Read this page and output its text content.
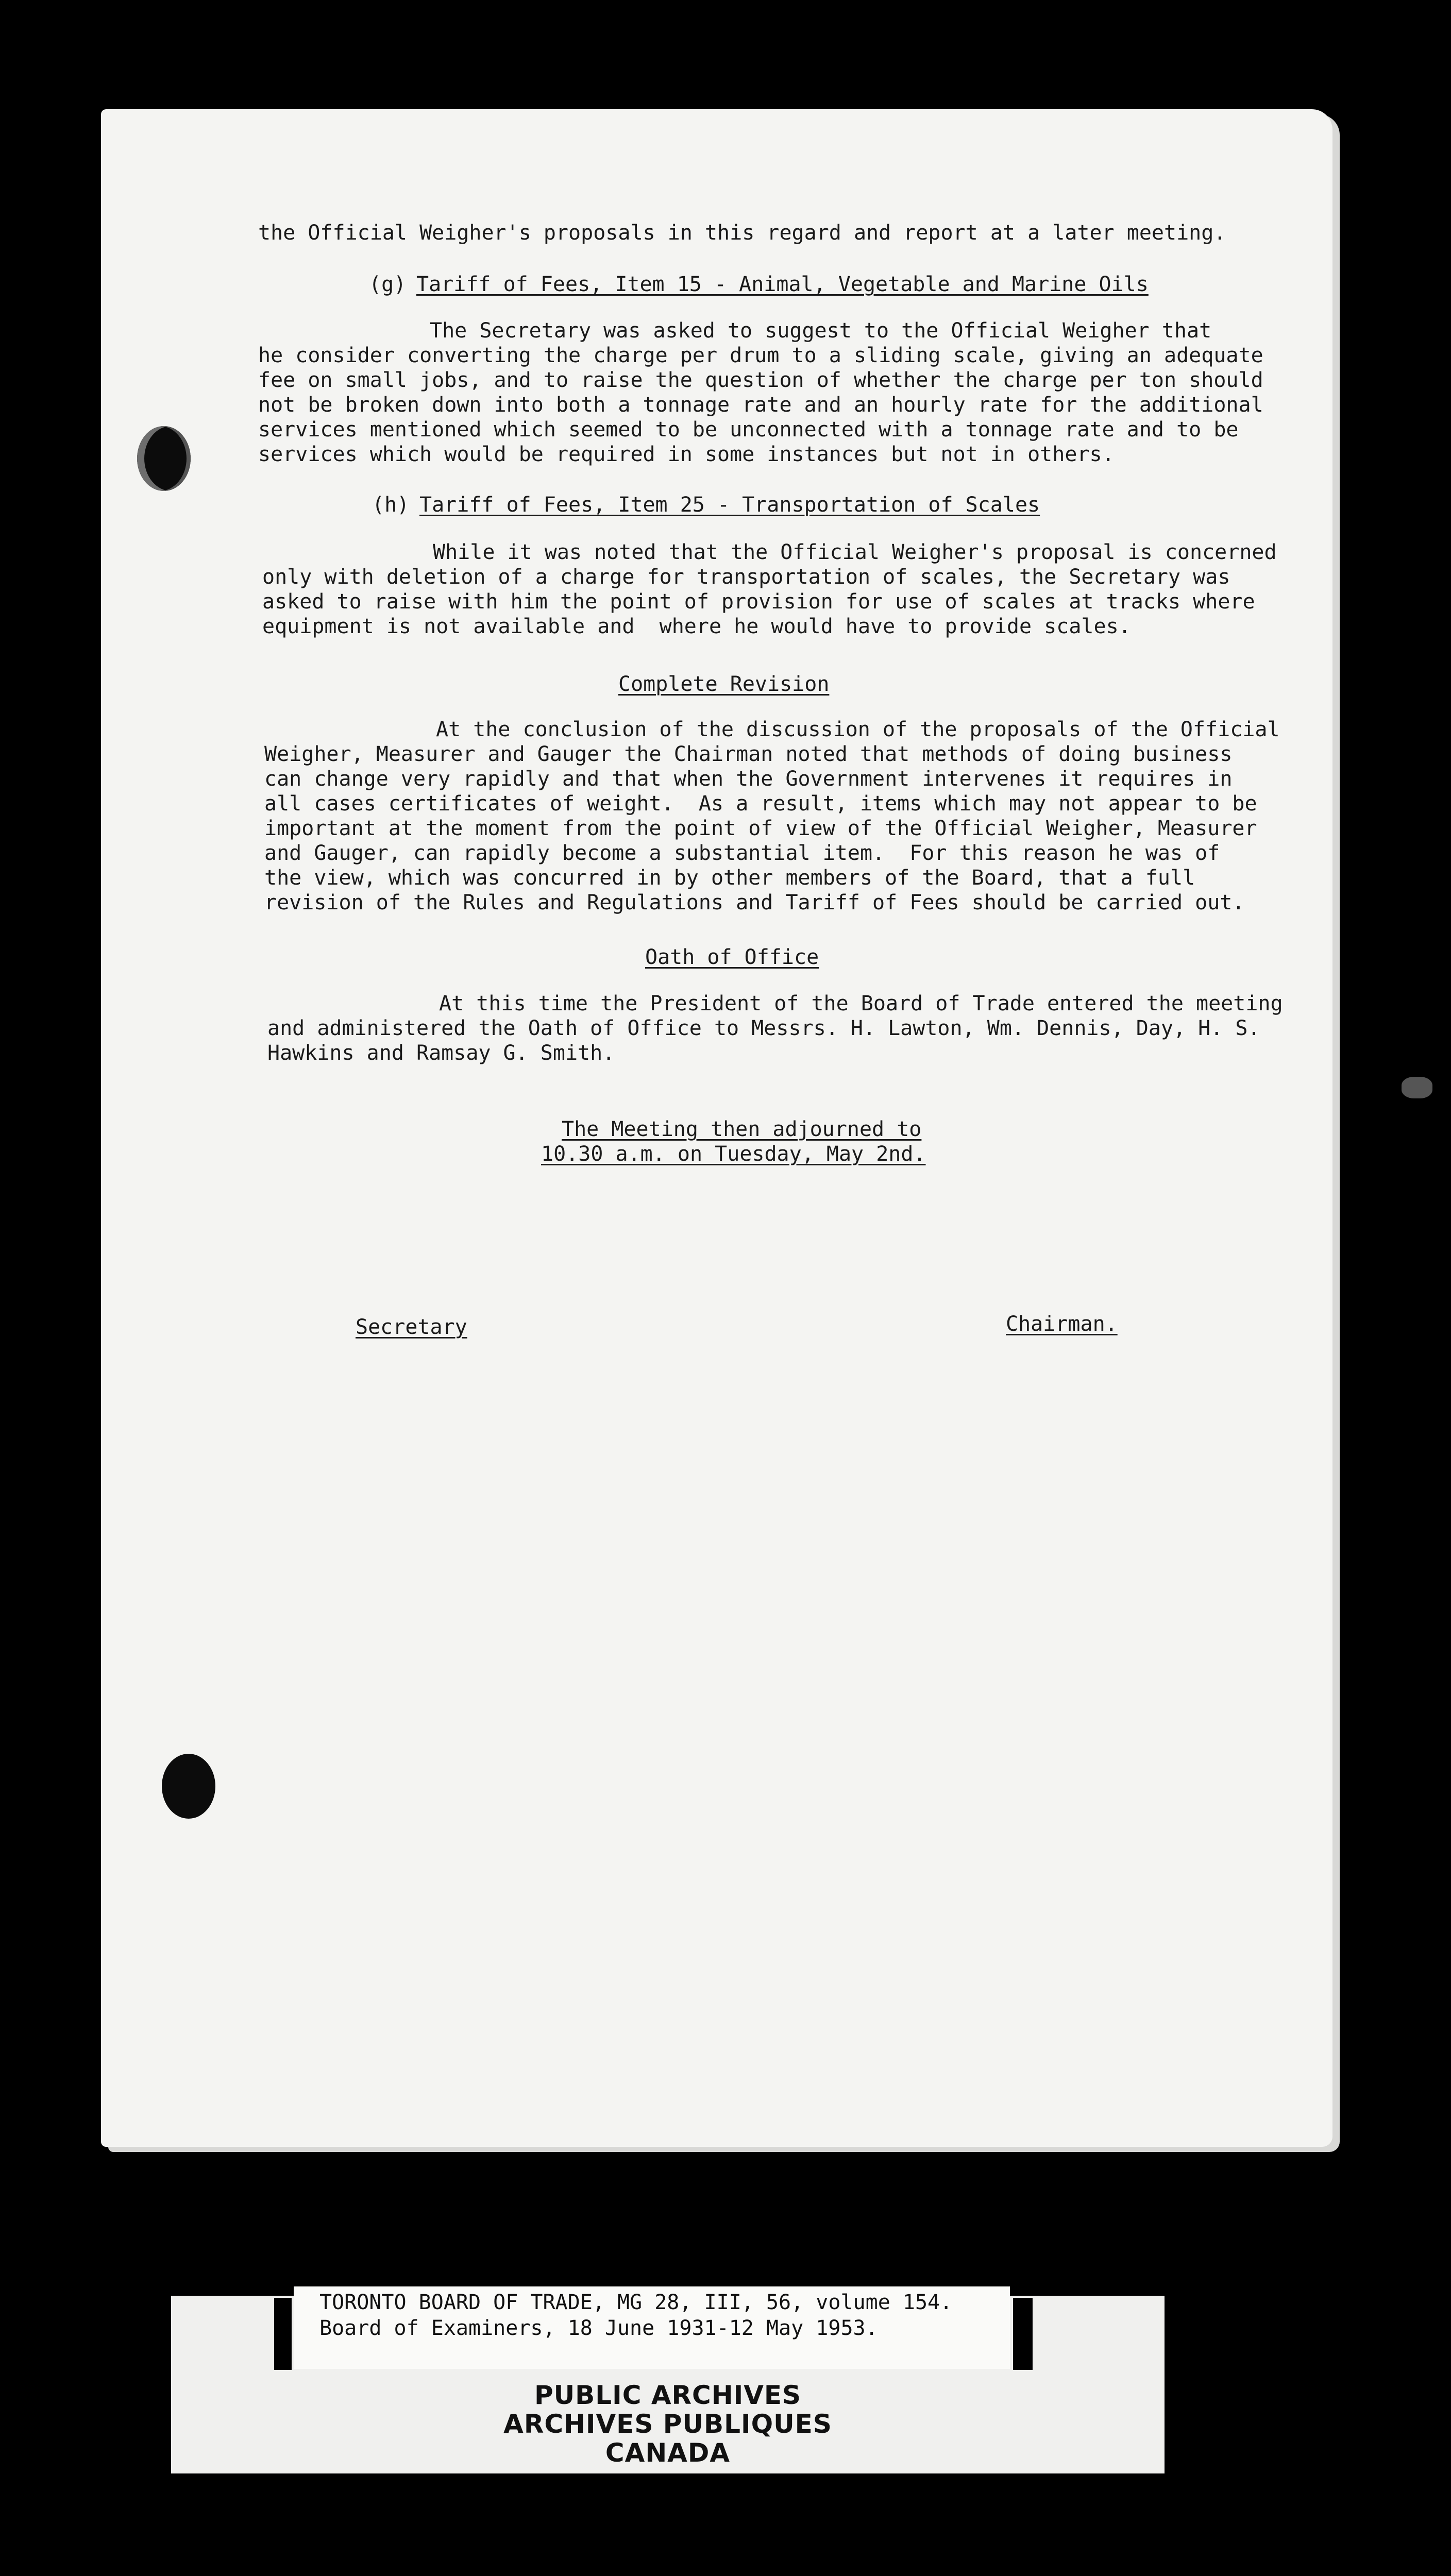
the Official Weigher's proposals in this regard and report at a later meeting.
(g) Tariff of Fees, Item 15 - Animal, Vegetable and Marine Oils
The Secretary was asked to suggest to the Official Weigher that
he consider converting the charge per drum to a sliding scale, giving an adequate
fee on small jobs, and to raise the question of whether the charge per ton should
not be broken down into both a tonnage rate and an hourly rate for the additional
services mentioned which seemed to be unconnected with a tonnage rate and to be
services which would be required in some instances but not in others.
(h) Tariff of Fees, Item 25 - Transportation of Scales
While it was noted that the Official Weigher's proposal is concerned
only with deletion of a charge for transportation of scales, the Secretary was
asked to raise with him the point of provision for use of scales at tracks where
equipment is not available and  where he would have to provide scales.
Complete Revision
At the conclusion of the discussion of the proposals of the Official
Weigher, Measurer and Gauger the Chairman noted that methods of doing business
can change very rapidly and that when the Government intervenes it requires in
all cases certificates of weight.  As a result, items which may not appear to be
important at the moment from the point of view of the Official Weigher, Measurer
and Gauger, can rapidly become a substantial item.  For this reason he was of
the view, which was concurred in by other members of the Board, that a full
revision of the Rules and Regulations and Tariff of Fees should be carried out.
Oath of Office
At this time the President of the Board of Trade entered the meeting
and administered the Oath of Office to Messrs. H. Lawton, Wm. Dennis, Day, H. S.
Hawkins and Ramsay G. Smith.
The Meeting then adjourned to
10.30 a.m. on Tuesday, May 2nd.
Secretary	Chairman.
TORONTO BOARD OF TRADE, MG 28, III, 56, volume 154.
Board of Examiners, 18 June 1931-12 May 1953.
PUBLIC ARCHIVES
ARCHIVES PUBLIQUES
CANADA
